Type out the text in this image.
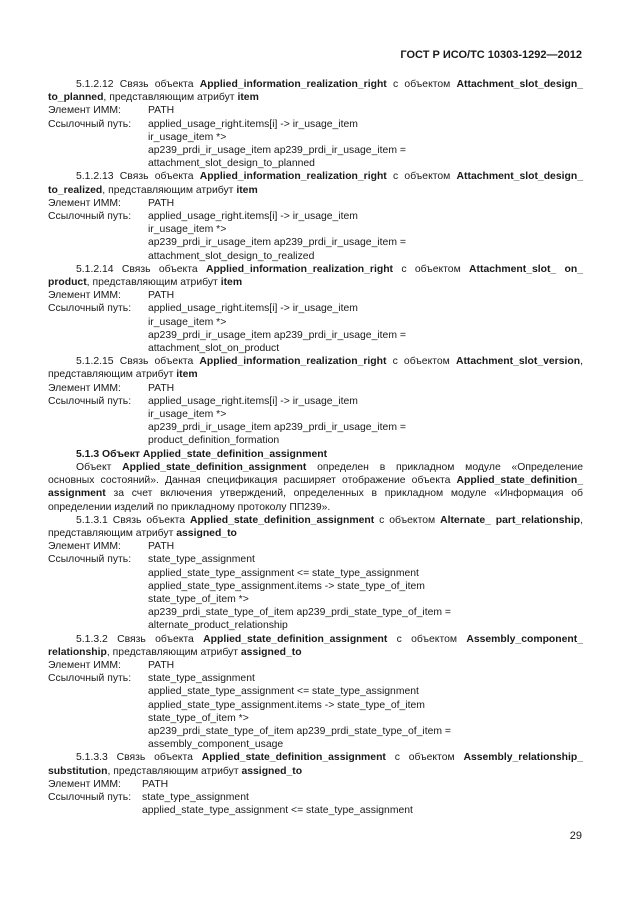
ГОСТ Р ИСО/ТС 10303-1292—2012
5.1.2.12 Связь объекта Applied_information_realization_right с объектом Attachment_slot_design_ to_planned, представляющим атрибут item
Элемент ИММ:	PATH
Ссылочный путь:	applied_usage_right.items[i] -> ir_usage_item
ir_usage_item *>
ap239_prdi_ir_usage_item ap239_prdi_ir_usage_item =
attachment_slot_design_to_planned
5.1.2.13 Связь объекта Applied_information_realization_right с объектом Attachment_slot_design_ to_realized, представляющим атрибут item
Элемент ИММ:	PATH
Ссылочный путь:	applied_usage_right.items[i] -> ir_usage_item
ir_usage_item *>
ap239_prdi_ir_usage_item ap239_prdi_ir_usage_item =
attachment_slot_design_to_realized
5.1.2.14 Связь объекта Applied_information_realization_right с объектом Attachment_slot_ on_ product, представляющим атрибут item
Элемент ИММ:	PATH
Ссылочный путь:	applied_usage_right.items[i] -> ir_usage_item
ir_usage_item *>
ap239_prdi_ir_usage_item ap239_prdi_ir_usage_item =
attachment_slot_on_product
5.1.2.15 Связь объекта Applied_information_realization_right с объектом Attachment_slot_version, представляющим атрибут item
Элемент ИММ:	PATH
Ссылочный путь:	applied_usage_right.items[i] -> ir_usage_item
ir_usage_item *>
ap239_prdi_ir_usage_item ap239_prdi_ir_usage_item =
product_definition_formation
5.1.3 Объект Applied_state_definition_assignment
Объект Applied_state_definition_assignment определен в прикладном модуле «Определение основных состояний». Данная спецификация расширяет отображение объекта Applied_state_definition_ assignment за счет включения утверждений, определенных в прикладном модуле «Информация об определении изделий по прикладному протоколу ПП239».
5.1.3.1 Связь объекта Applied_state_definition_assignment с объектом Alternate_ part_relationship, представляющим атрибут assigned_to
Элемент ИММ:	PATH
Ссылочный путь:	state_type_assignment
applied_state_type_assignment <= state_type_assignment
applied_state_type_assignment.items -> state_type_of_item
state_type_of_item *>
ap239_prdi_state_type_of_item ap239_prdi_state_type_of_item =
alternate_product_relationship
5.1.3.2 Связь объекта Applied_state_definition_assignment с объектом Assembly_component_ relationship, представляющим атрибут assigned_to
Элемент ИММ:	PATH
Ссылочный путь:	state_type_assignment
applied_state_type_assignment <= state_type_assignment
applied_state_type_assignment.items -> state_type_of_item
state_type_of_item *>
ap239_prdi_state_type_of_item ap239_prdi_state_type_of_item =
assembly_component_usage
5.1.3.3 Связь объекта Applied_state_definition_assignment с объектом Assembly_relationship_ substitution, представляющим атрибут assigned_to
Элемент ИММ:	PATH
Ссылочный путь:	state_type_assignment
applied_state_type_assignment <= state_type_assignment
29
